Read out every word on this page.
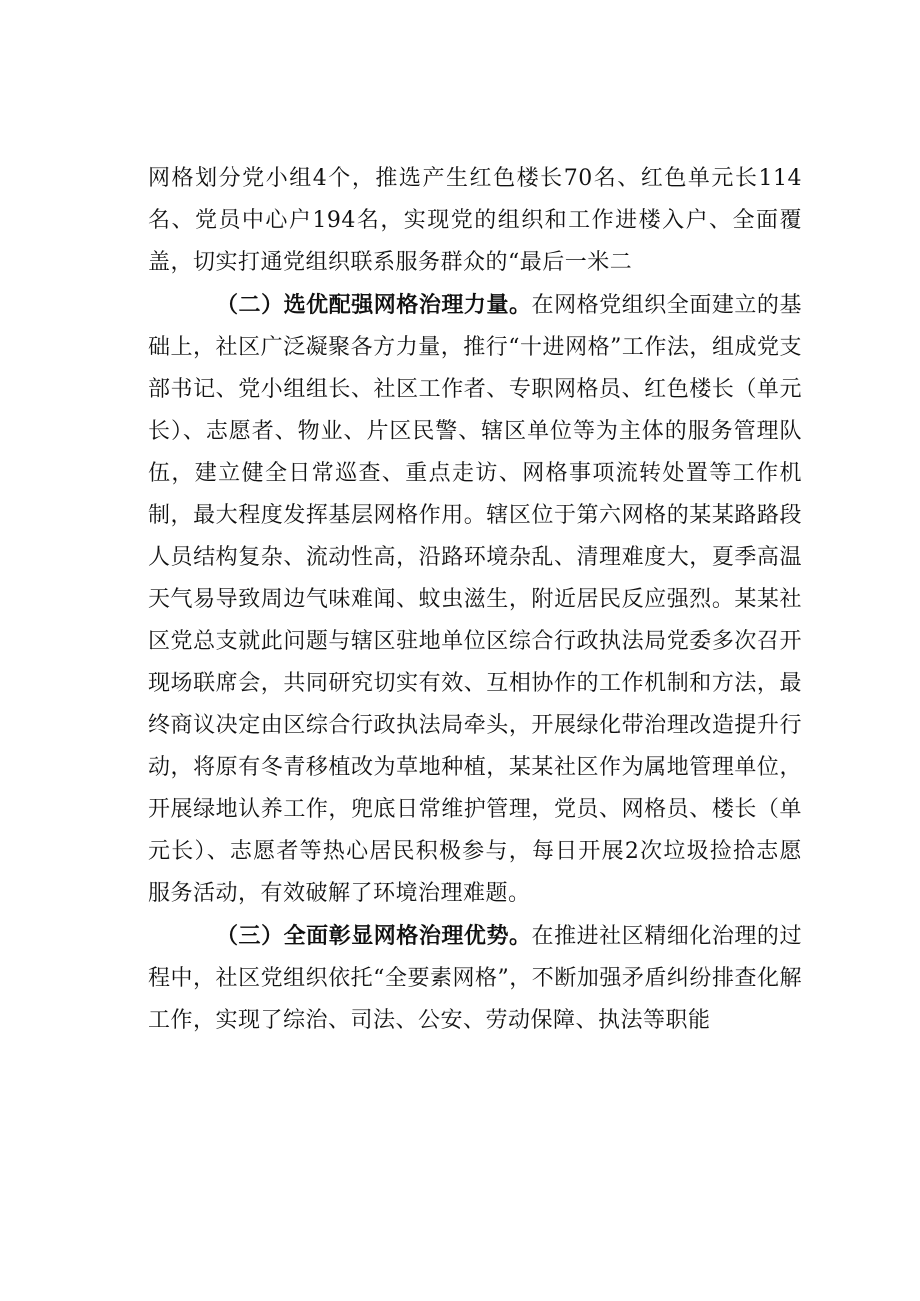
网格划分党小组4个，推选产生红色楼长70名、红色单元长114名、党员中心户194名，实现党的组织和工作进楼入户、全面覆盖，切实打通党组织联系服务群众的“最后一米二

（二）选优配强网格治理力量。在网格党组织全面建立的基础上，社区广泛凝聚各方力量，推行“十进网格”工作法，组成党支部书记、党小组组长、社区工作者、专职网格员、红色楼长（单元长）、志愿者、物业、片区民警、辖区单位等为主体的服务管理队伍，建立健全日常巡查、重点走访、网格事项流转处置等工作机制，最大程度发挥基层网格作用。辖区位于第六网格的某某路路段人员结构复杂、流动性高，沿路环境杂乱、清理难度大，夏季高温天气易导致周边气味难闻、蚊虫滋生，附近居民反应强烈。某某社区党总支就此问题与辖区驻地单位区综合行政执法局党委多次召开现场联席会，共同研究切实有效、互相协作的工作机制和方法，最终商议决定由区综合行政执法局牵头，开展绿化带治理改造提升行动，将原有冬青移植改为草地种植，某某社区作为属地管理单位，开展绿地认养工作，兜底日常维护管理，党员、网格员、楼长（单元长）、志愿者等热心居民积极参与，每日开展2次垃圾捡拾志愿服务活动，有效破解了环境治理难题。

（三）全面彰显网格治理优势。在推进社区精细化治理的过程中，社区党组织依托“全要素网格”，不断加强矛盾纠纷排查化解工作，实现了综治、司法、公安、劳动保障、执法等职能
